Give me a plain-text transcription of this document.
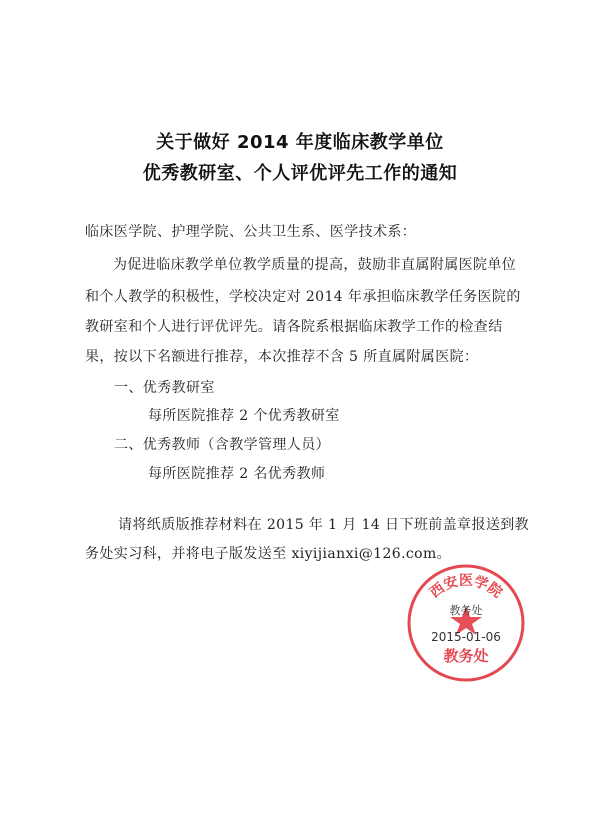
关于做好 2014 年度临床教学单位
优秀教研室、个人评优评先工作的通知
临床医学院、护理学院、公共卫生系、医学技术系：
为促进临床教学单位教学质量的提高，鼓励非直属附属医院单位
和个人教学的积极性，学校决定对 2014 年承担临床教学任务医院的
教研室和个人进行评优评先。请各院系根据临床教学工作的检查结
果，按以下名额进行推荐，本次推荐不含 5 所直属附属医院：
一、优秀教研室
每所医院推荐 2 个优秀教研室
二、优秀教师（含教学管理人员）
每所医院推荐 2 名优秀教师
请将纸质版推荐材料在 2015 年 1 月 14 日下班前盖章报送到教
务处实习科，并将电子版发送至 xiyijianxi@126.com。
西安医学院
教务处
2015-01-06
教务处
